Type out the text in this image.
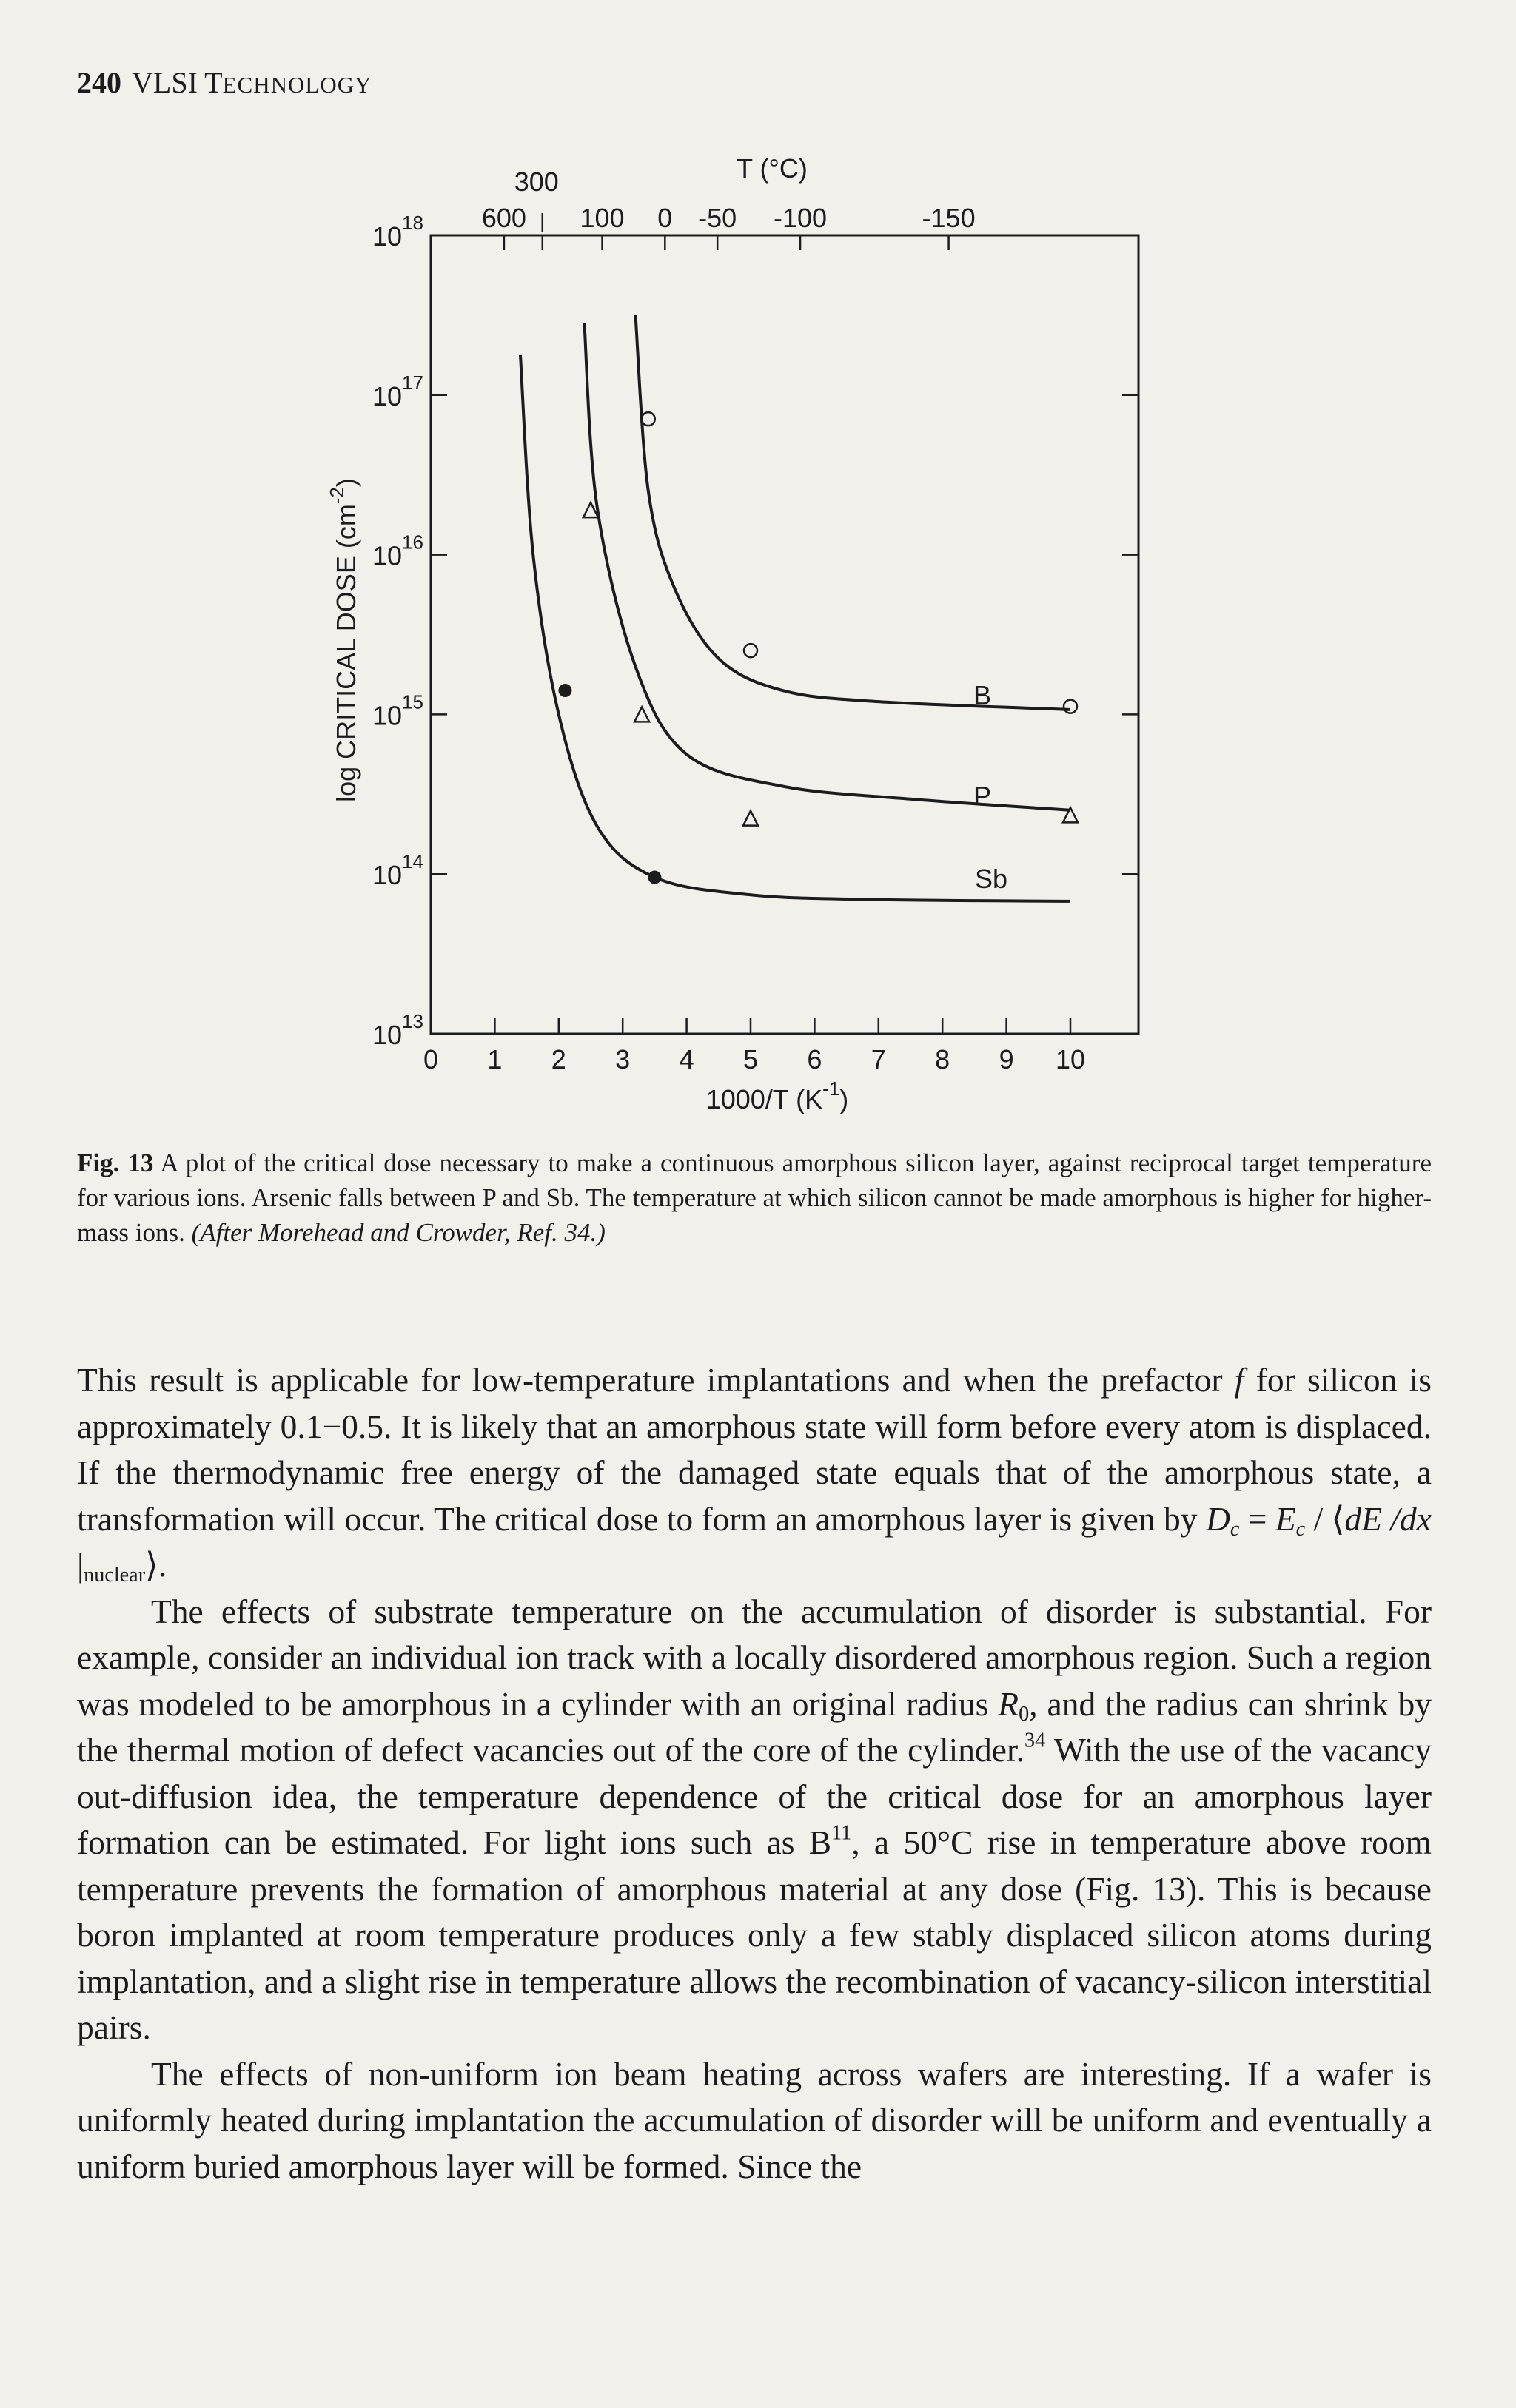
240 VLSI TECHNOLOGY
0 1 2 3 4 5 6 7 8 9 10
600
300
100 0 -50 -100	-150
T (°C)
$10^{13}$
$10^{14}$
$10^{15}$
$10^{16}$
$10^{17}$
$10^{18}$
log CRITICAL DOSE $(cm^{-2})$
1000/T $(K^{-1})$
B
P
Sb
Fig. 13 A plot of the critical dose necessary to make a continuous amorphous silicon layer, against reciprocal target temperature for various ions. Arsenic falls between P and Sb. The temperature at which silicon cannot be made amorphous is higher for higher-mass ions. (After Morehead and Crowder, Ref. 34.)

This result is applicable for low-temperature implantations and when the prefactor f for silicon is approximately 0.1−0.5. It is likely that an amorphous state will form before every atom is displaced. If the thermodynamic free energy of the damaged state equals that of the amorphous state, a transformation will occur. The critical dose to form an amorphous layer is given by $D_c = E_c$ / ⟨dE /dx $|_{nuclear}⟩$.

The effects of substrate temperature on the accumulation of disorder is substantial. For example, consider an individual ion track with a locally disordered amorphous region. Such a region was modeled to be amorphous in a cylinder with an original radius $R_0$, and the radius can shrink by the thermal motion of defect vacancies out of the core of the cylinder.$^{34}$ With the use of the vacancy out-diffusion idea, the temperature dependence of the critical dose for an amorphous layer formation can be estimated. For light ions such as $B^{11}$, a 50°C rise in temperature above room temperature prevents the formation of amorphous material at any dose (Fig. 13). This is because boron implanted at room temperature produces only a few stably displaced silicon atoms during implantation, and a slight rise in temperature allows the recombination of vacancy-silicon interstitial pairs.

The effects of non-uniform ion beam heating across wafers are interesting. If a wafer is uniformly heated during implantation the accumulation of disorder will be uniform and eventually a uniform buried amorphous layer will be formed. Since the
